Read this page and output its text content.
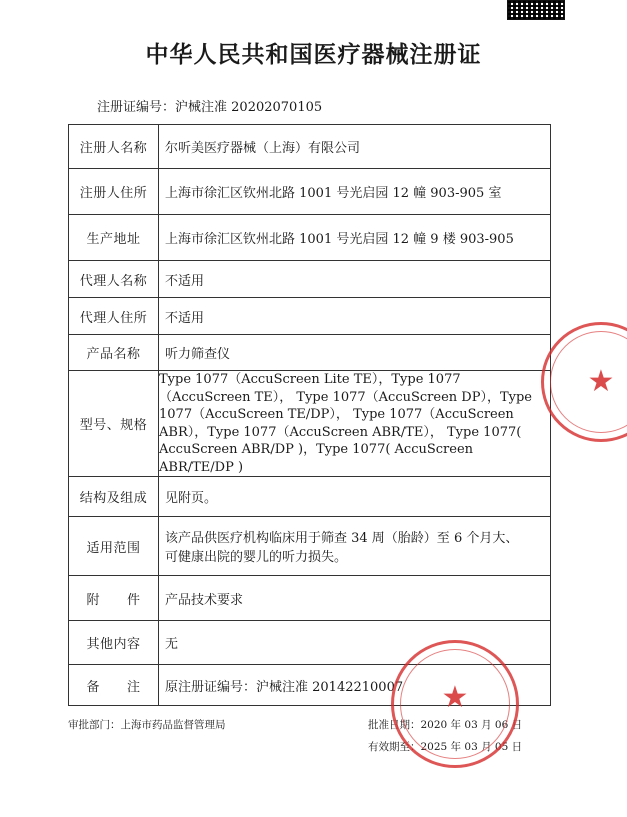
中华人民共和国医疗器械注册证
注册证编号：沪械注准 20202070105
注册人名称	尔听美医疗器械（上海）有限公司
注册人住所	上海市徐汇区钦州北路 1001 号光启园 12 幢 903-905 室
生产地址	上海市徐汇区钦州北路 1001 号光启园 12 幢 9 楼 903-905
代理人名称	不适用
代理人住所	不适用
产品名称	听力筛查仪
型号、规格	Type 1077（AccuScreen Lite TE），Type 1077（AccuScreen TE）， Type 1077（AccuScreen DP），Type 1077（AccuScreen TE/DP）， Type 1077（AccuScreen ABR），Type 1077（AccuScreen ABR/TE）， Type 1077( AccuScreen ABR/DP )，Type 1077( AccuScreen ABR/TE/DP )
结构及组成	见附页。
适用范围	该产品供医疗机构临床用于筛查 34 周（胎龄）至 6 个月大、
可健康出院的婴儿的听力损失。

附　　件	产品技术要求
其他内容	无
备　　注	原注册证编号：沪械注准 20142210007
审批部门：上海市药品监督管理局	批准日期：2020 年 03 月 06 日
有效期至：2025 年 03 月 05 日
★
★
